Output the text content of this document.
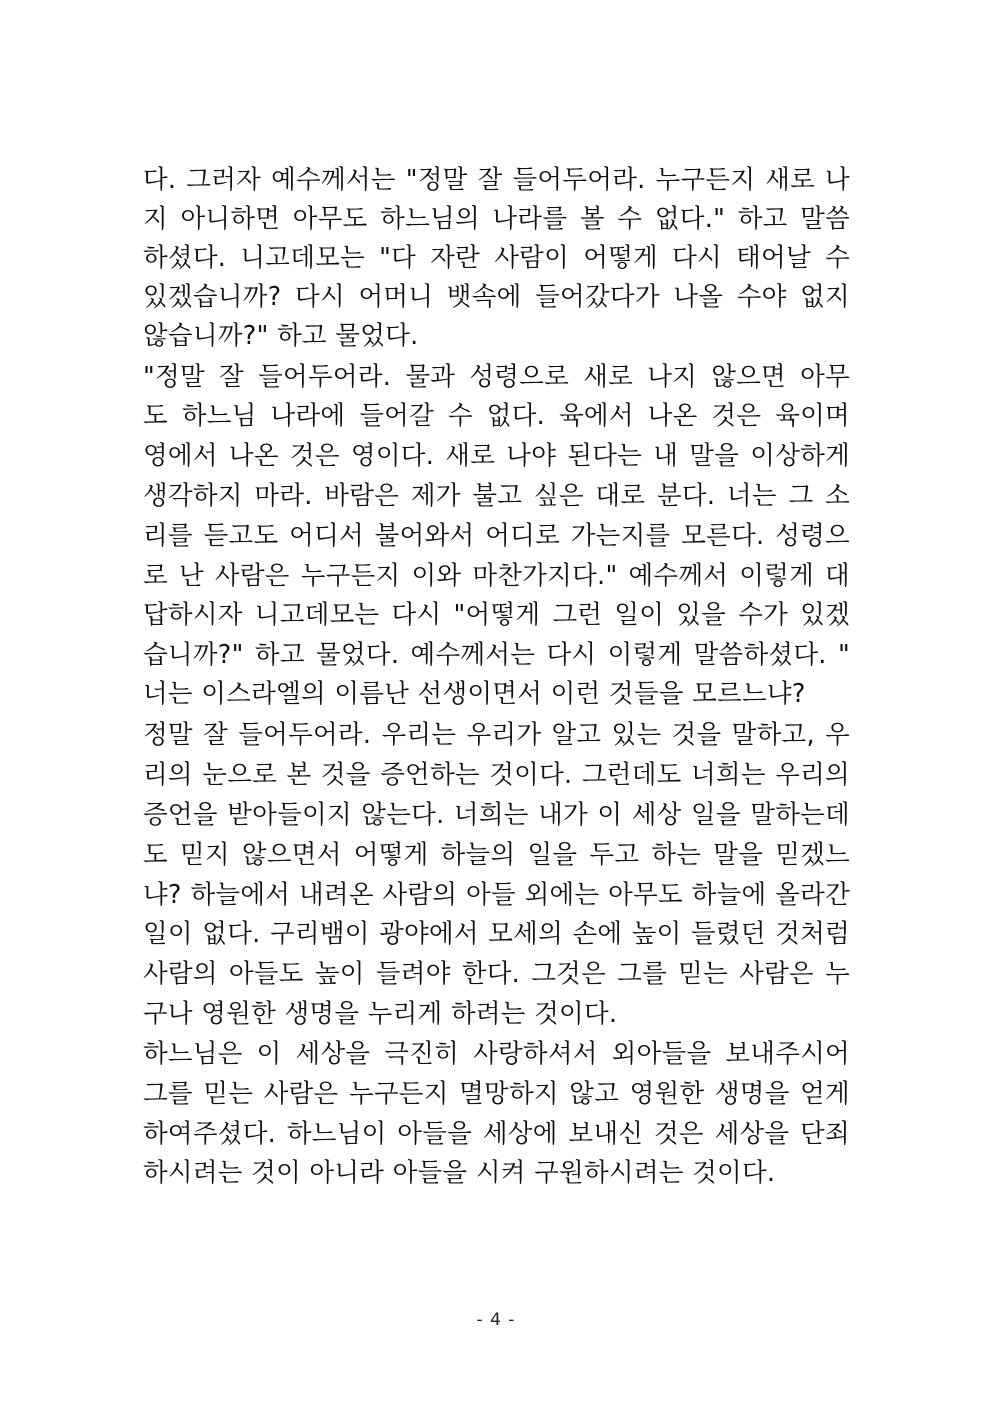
다. 그러자 예수께서는 "정말 잘 들어두어라. 누구든지 새로 나
지 아니하면 아무도 하느님의 나라를 볼 수 없다." 하고 말씀
하셨다. 니고데모는 "다 자란 사람이 어떻게 다시 태어날 수
있겠습니까? 다시 어머니 뱃속에 들어갔다가 나올 수야 없지
않습니까?" 하고 물었다.
"정말 잘 들어두어라. 물과 성령으로 새로 나지 않으면 아무
도 하느님 나라에 들어갈 수 없다. 육에서 나온 것은 육이며
영에서 나온 것은 영이다. 새로 나야 된다는 내 말을 이상하게
생각하지 마라. 바람은 제가 불고 싶은 대로 분다. 너는 그 소
리를 듣고도 어디서 불어와서 어디로 가는지를 모른다. 성령으
로 난 사람은 누구든지 이와 마찬가지다." 예수께서 이렇게 대
답하시자 니고데모는 다시 "어떻게 그런 일이 있을 수가 있겠
습니까?" 하고 물었다. 예수께서는 다시 이렇게 말씀하셨다. "
너는 이스라엘의 이름난 선생이면서 이런 것들을 모르느냐?
정말 잘 들어두어라. 우리는 우리가 알고 있는 것을 말하고, 우
리의 눈으로 본 것을 증언하는 것이다. 그런데도 너희는 우리의
증언을 받아들이지 않는다. 너희는 내가 이 세상 일을 말하는데
도 믿지 않으면서 어떻게 하늘의 일을 두고 하는 말을 믿겠느
냐? 하늘에서 내려온 사람의 아들 외에는 아무도 하늘에 올라간
일이 없다. 구리뱀이 광야에서 모세의 손에 높이 들렸던 것처럼
사람의 아들도 높이 들려야 한다. 그것은 그를 믿는 사람은 누
구나 영원한 생명을 누리게 하려는 것이다.
하느님은 이 세상을 극진히 사랑하셔서 외아들을 보내주시어
그를 믿는 사람은 누구든지 멸망하지 않고 영원한 생명을 얻게
하여주셨다. 하느님이 아들을 세상에 보내신 것은 세상을 단죄
하시려는 것이 아니라 아들을 시켜 구원하시려는 것이다.
- 4 -
